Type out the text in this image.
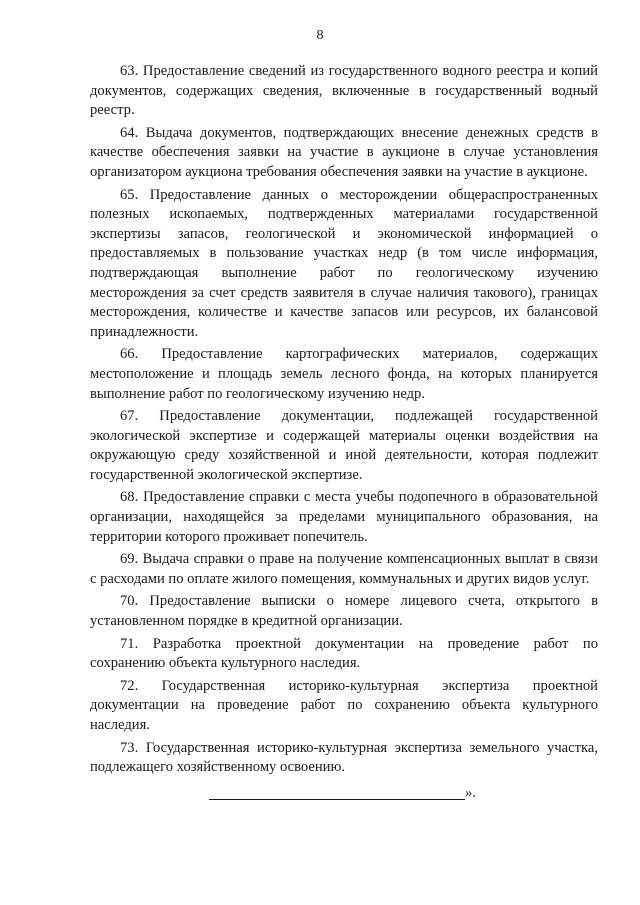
8

63. Предоставление сведений из государственного водного реестра и копий документов, содержащих сведения, включенные в государственный водный реестр.

64. Выдача документов, подтверждающих внесение денежных средств в качестве обеспечения заявки на участие в аукционе в случае установления организатором аукциона требования обеспечения заявки на участие в аукционе.

65. Предоставление данных о месторождении общераспространенных полезных ископаемых, подтвержденных материалами государственной экспертизы запасов, геологической и экономической информацией о предоставляемых в пользование участках недр (в том числе информация, подтверждающая выполнение работ по геологическому изучению месторождения за счет средств заявителя в случае наличия такового), границах месторождения, количестве и качестве запасов или ресурсов, их балансовой принадлежности.

66. Предоставление картографических материалов, содержащих местоположение и площадь земель лесного фонда, на которых планируется выполнение работ по геологическому изучению недр.

67. Предоставление документации, подлежащей государственной экологической экспертизе и содержащей материалы оценки воздействия на окружающую среду хозяйственной и иной деятельности, которая подлежит государственной экологической экспертизе.

68. Предоставление справки с места учебы подопечного в образовательной организации, находящейся за пределами муниципального образования, на территории которого проживает попечитель.

69. Выдача справки о праве на получение компенсационных выплат в связи с расходами по оплате жилого помещения, коммунальных и других видов услуг.

70. Предоставление выписки о номере лицевого счета, открытого в установленном порядке в кредитной организации.

71. Разработка проектной документации на проведение работ по сохранению объекта культурного наследия.

72. Государственная историко-культурная экспертиза проектной документации на проведение работ по сохранению объекта культурного наследия.

73. Государственная историко-культурная экспертиза земельного участка, подлежащего хозяйственному освоению.

».
